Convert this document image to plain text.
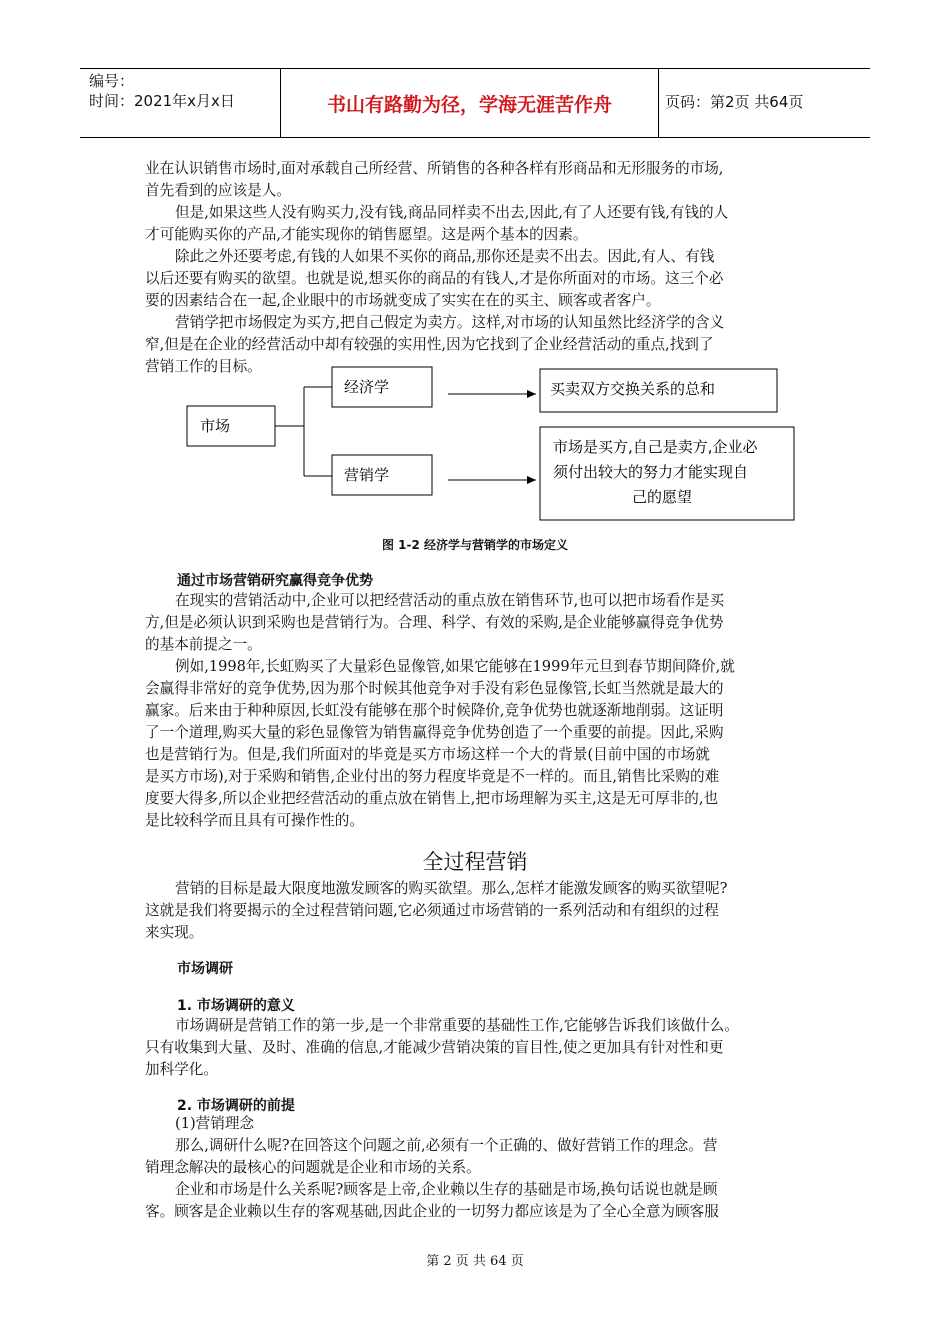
编号：
时间：2021年x月x日	书山有路勤为径，学海无涯苦作舟	页码：第2页 共64页

业在认识销售市场时,面对承载自己所经营、所销售的各种各样有形商品和无形服务的市场,

首先看到的应该是人。

但是,如果这些人没有购买力,没有钱,商品同样卖不出去,因此,有了人还要有钱,有钱的人

才可能购买你的产品,才能实现你的销售愿望。这是两个基本的因素。

除此之外还要考虑,有钱的人如果不买你的商品,那你还是卖不出去。因此,有人、有钱

以后还要有购买的欲望。也就是说,想买你的商品的有钱人,才是你所面对的市场。这三个必

要的因素结合在一起,企业眼中的市场就变成了实实在在的买主、顾客或者客户。

营销学把市场假定为买方,把自己假定为卖方。这样,对市场的认知虽然比经济学的含义

窄,但是在企业的经营活动中却有较强的实用性,因为它找到了企业经营活动的重点,找到了

营销工作的目标。

市场
经济学
营销学
买卖双方交换关系的总和
市场是买方,自己是卖方,企业必
须付出较大的努力才能实现自
己的愿望
图 1-2 经济学与营销学的市场定义
通过市场营销研究赢得竞争优势

在现实的营销活动中,企业可以把经营活动的重点放在销售环节,也可以把市场看作是买

方,但是必须认识到采购也是营销行为。合理、科学、有效的采购,是企业能够赢得竞争优势

的基本前提之一。

例如,1998年,长虹购买了大量彩色显像管,如果它能够在1999年元旦到春节期间降价,就

会赢得非常好的竞争优势,因为那个时候其他竞争对手没有彩色显像管,长虹当然就是最大的

赢家。后来由于种种原因,长虹没有能够在那个时候降价,竞争优势也就逐渐地削弱。这证明

了一个道理,购买大量的彩色显像管为销售赢得竞争优势创造了一个重要的前提。因此,采购

也是营销行为。但是,我们所面对的毕竟是买方市场这样一个大的背景(目前中国的市场就

是买方市场),对于采购和销售,企业付出的努力程度毕竟是不一样的。而且,销售比采购的难

度要大得多,所以企业把经营活动的重点放在销售上,把市场理解为买主,这是无可厚非的,也

是比较科学而且具有可操作性的。

全过程营销

营销的目标是最大限度地激发顾客的购买欲望。那么,怎样才能激发顾客的购买欲望呢?

这就是我们将要揭示的全过程营销问题,它必须通过市场营销的一系列活动和有组织的过程

来实现。

市场调研
1. 市场调研的意义

市场调研是营销工作的第一步,是一个非常重要的基础性工作,它能够告诉我们该做什么。

只有收集到大量、及时、准确的信息,才能减少营销决策的盲目性,使之更加具有针对性和更

加科学化。

2. 市场调研的前提

(1)营销理念

那么,调研什么呢?在回答这个问题之前,必须有一个正确的、做好营销工作的理念。营

销理念解决的最核心的问题就是企业和市场的关系。

企业和市场是什么关系呢?顾客是上帝,企业赖以生存的基础是市场,换句话说也就是顾

客。顾客是企业赖以生存的客观基础,因此企业的一切努力都应该是为了全心全意为顾客服

第 2 页 共 64 页
